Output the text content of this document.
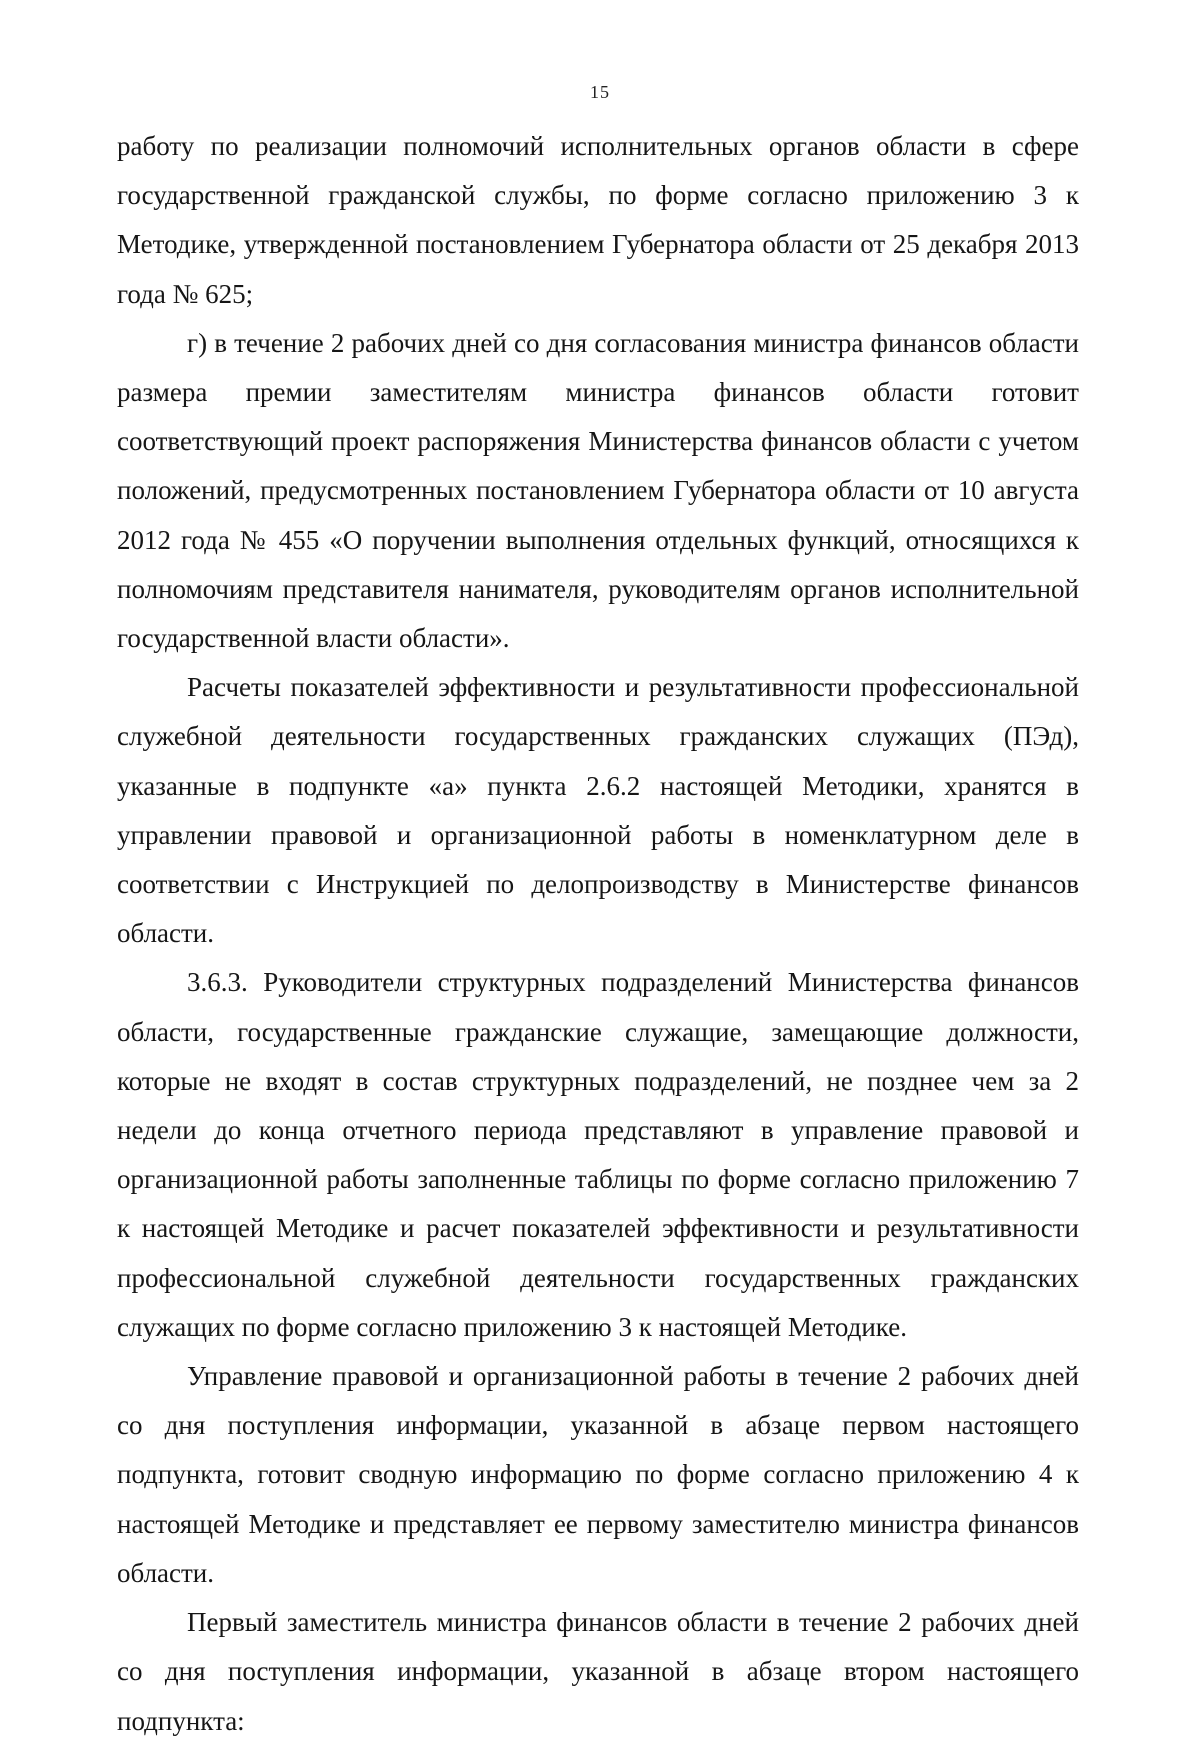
15

работу по реализации полномочий исполнительных органов области в сфере государственной гражданской службы, по форме согласно приложению 3 к Методике, утвержденной постановлением Губернатора области от 25 декабря 2013 года № 625;

г) в течение 2 рабочих дней со дня согласования министра финансов области размера премии заместителям министра финансов области готовит соответствующий проект распоряжения Министерства финансов области с учетом положений, предусмотренных постановлением Губернатора области от 10 августа 2012 года № 455 «О поручении выполнения отдельных функций, относящихся к полномочиям представителя нанимателя, руководителям органов исполнительной государственной власти области».

Расчеты показателей эффективности и результативности профессиональной служебной деятельности государственных гражданских служащих (ПЭд), указанные в подпункте «а» пункта 2.6.2 настоящей Методики, хранятся в управлении правовой и организационной работы в номенклатурном деле в соответствии с Инструкцией по делопроизводству в Министерстве финансов области.

3.6.3. Руководители структурных подразделений Министерства финансов области, государственные гражданские служащие, замещающие должности, которые не входят в состав структурных подразделений, не позднее чем за 2 недели до конца отчетного периода представляют в управление правовой и организационной работы заполненные таблицы по форме согласно приложению 7 к настоящей Методике и расчет показателей эффективности и результативности профессиональной служебной деятельности государственных гражданских служащих по форме согласно приложению 3 к настоящей Методике.

Управление правовой и организационной работы в течение 2 рабочих дней со дня поступления информации, указанной в абзаце первом настоящего подпункта, готовит сводную информацию по форме согласно приложению 4 к настоящей Методике и представляет ее первому заместителю министра финансов области.

Первый заместитель министра финансов области в течение 2 рабочих дней со дня поступления информации, указанной в абзаце втором настоящего подпункта:
